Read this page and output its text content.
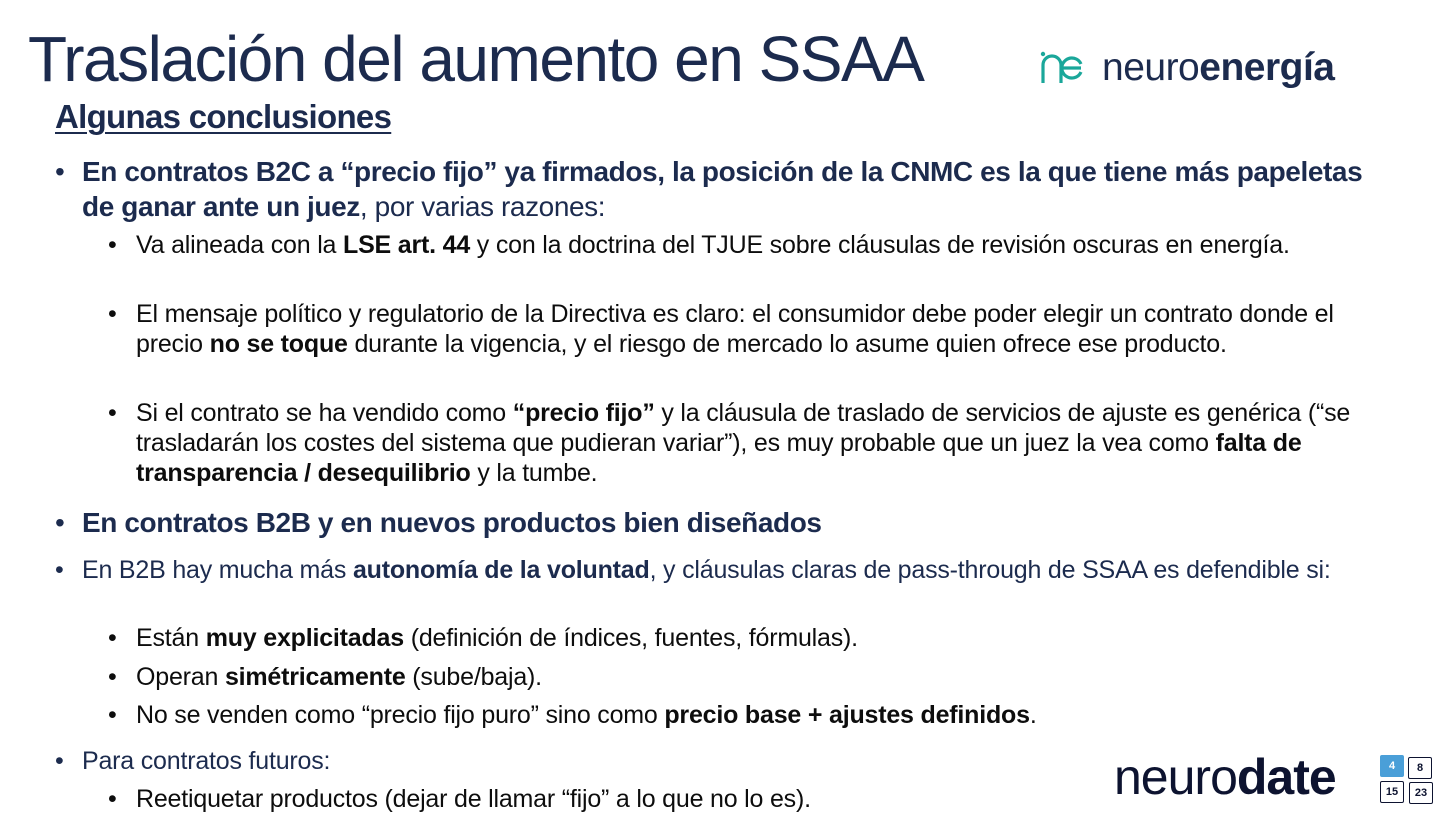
Traslación del aumento en SSAA	neuro energía
Algunas conclusiones
• En contratos B2C a “precio fijo” ya firmados, la posición de la CNMC es la que tiene más papeletas de ganar ante un juez, por varias razones:
• Va alineada con la LSE art. 44 y con la doctrina del TJUE sobre cláusulas de revisión oscuras en energía.
• El mensaje político y regulatorio de la Directiva es claro: el consumidor debe poder elegir un contrato donde el precio no se toque durante la vigencia, y el riesgo de mercado lo asume quien ofrece ese producto.
• Si el contrato se ha vendido como “precio fijo” y la cláusula de traslado de servicios de ajuste es genérica (“se trasladarán los costes del sistema que pudieran variar”), es muy probable que un juez la vea como falta de transparencia / desequilibrio y la tumbe.
• En contratos B2B y en nuevos productos bien diseñados
• En B2B hay mucha más autonomía de la voluntad, y cláusulas claras de pass-through de SSAA es defendible si:
• Están muy explicitadas (definición de índices, fuentes, fórmulas).
• Operan simétricamente (sube/baja).
• No se venden como “precio fijo puro” sino como precio base + ajustes definidos.
• Para contratos futuros:
• Reetiquetar productos (dejar de llamar “fijo” a lo que no lo es).	neuro date	4	8
15	23
